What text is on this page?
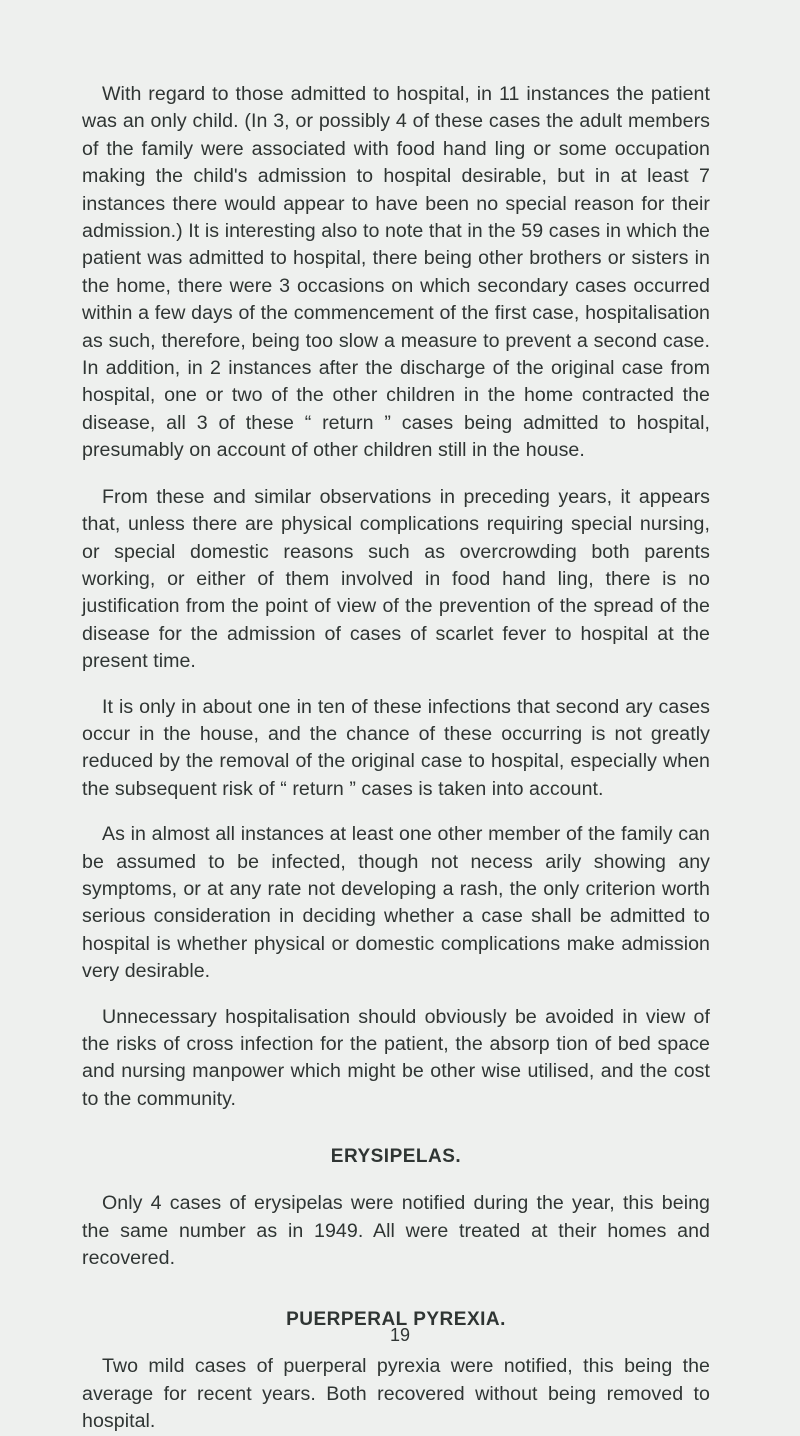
With regard to those admitted to hospital, in 11 instances the patient was an only child. (In 3, or possibly 4 of these cases the adult members of the family were associated with food hand ling or some occupation making the child's admission to hospital desirable, but in at least 7 instances there would appear to have been no special reason for their admission.) It is interesting also to note that in the 59 cases in which the patient was admitted to hospital, there being other brothers or sisters in the home, there were 3 occasions on which secondary cases occurred within a few days of the commencement of the first case, hospitalisation as such, therefore, being too slow a measure to prevent a second case. In addition, in 2 instances after the discharge of the original case from hospital, one or two of the other children in the home contracted the disease, all 3 of these “ return ” cases being admitted to hospital, presumably on account of other children still in the house.

From these and similar observations in preceding years, it appears that, unless there are physical complications requiring special nursing, or special domestic reasons such as overcrowding both parents working, or either of them involved in food hand ling, there is no justification from the point of view of the prevention of the spread of the disease for the admission of cases of scarlet fever to hospital at the present time.

It is only in about one in ten of these infections that second ary cases occur in the house, and the chance of these occurring is not greatly reduced by the removal of the original case to hospital, especially when the subsequent risk of “ return ” cases is taken into account.

As in almost all instances at least one other member of the family can be assumed to be infected, though not necess arily showing any symptoms, or at any rate not developing a rash, the only criterion worth serious consideration in deciding whether a case shall be admitted to hospital is whether physical or domestic complications make admission very desirable.

Unnecessary hospitalisation should obviously be avoided in view of the risks of cross infection for the patient, the absorp tion of bed space and nursing manpower which might be other wise utilised, and the cost to the community.

ERYSIPELAS.

Only 4 cases of erysipelas were notified during the year, this being the same number as in 1949. All were treated at their homes and recovered.

PUERPERAL PYREXIA.

Two mild cases of puerperal pyrexia were notified, this being the average for recent years. Both recovered without being removed to hospital.

19
